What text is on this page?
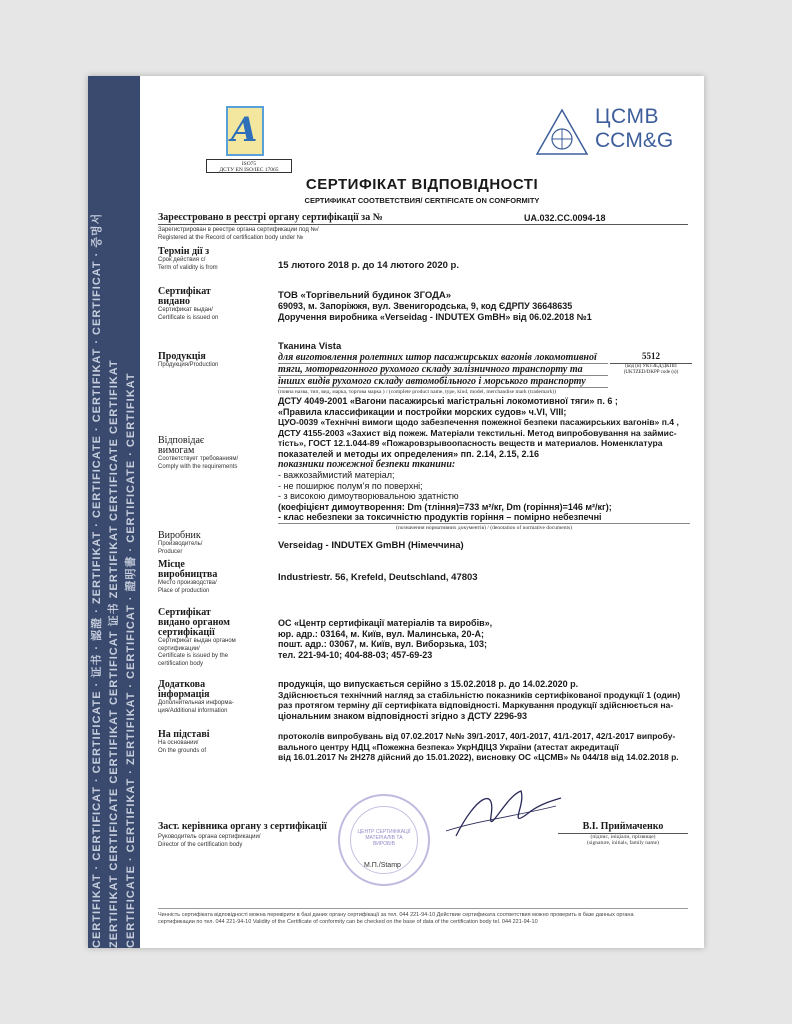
CERTIFIKAT · CERTIFICAT · CERTIFICATE · 证书 · 認證 · ZERTIFIKAT · CERTIFICATE · CERTIFIKAT · CERTIFICAT · 증명서 ZERTIFIKAT CERTIFICATE CERTIFIKAT CERTIFICAT 证书 ZERTIFIKAT CERTIFICATE CERTIFIKAT CERTIFICATE · CERTIFIKAT · ZERTIFIKAT · CERTIFICAT · 證明書 · CERTIFICATE · CERTIFIKAT
A
ISO75
ДСТУ EN ISO/IEC 17065
ЦСМВ
CCM&G
СЕРТИФІКАТ ВІДПОВІДНОСТІ
СЕРТИФИКАТ СООТВЕТСТВИЯ/ CERTIFICATE ON CONFORMITY
Зареєстровано в реєстрі органу сертифікації за №	UA.032.CC.0094-18
Зарегистрирован в реестре органа сертификации под №/
Registered at the Record of certification body under №
Термін дії з
Срок действия с/
Term of validity is from	15 лютого 2018 р. до 14 лютого 2020 р.
Сертифікат
видано
Сертификат выдан/
Certificate is issued on
ТОВ «Торгівельний будинок ЗГОДА»
69093, м. Запоріжжя, вул. Звенигородська, 9, код ЄДРПУ 36648635
Доручення виробника «Verseidag - INDUTEX GmBH» від 06.02.2018 №1
Продукція
Продукция/Production
Тканина Vista
для виготовлення ролетних штор пасажирських вагонів локомотивної
тяги, моторвагонного рухомого складу залізничного транспорту та
інших видів рухомого складу автомобільного і морського транспорту
(повна назва, тип, вид, марка, торгова марка ) / (complete product name, type, kind, model, merchandise mark (trademark))
5512
(код (и) УКТЗЕД/ДКПП (UKTZED/DKPP code (s))
Відповідає
вимогам
Соответствует требованиям/
Comply with the requirements
ДСТУ 4049-2001 «Вагони пасажирські магістральні локомотивної тяги» п. 6 ;
«Правила классификации и постройки морских судов» ч.VI, VIII;
ЦУО-0039 «Технічні вимоги щодо забезпечення пожежної безпеки пасажирських вагонів» п.4 ,
ДСТУ 4155-2003 «Захист від пожеж. Матеріали текстильні. Метод випробовування на займис-
тість», ГОСТ 12.1.044-89 «Пожаровзрывоопасность веществ и материалов. Номенклатура
показателей и методы их определения» пп. 2.14, 2.15, 2.16
показники пожежної безпеки тканини:
- важкозаймистий матеріал;
- не поширює полум’я по поверхні;
- з високою димоутворювальною здатністю
(коефіцієнт димоутворення: Dm (тління)=733 м²/кг, Dm (горіння)=146 м²/кг);
- клас небезпеки за токсичністю продуктів горіння – помірно небезпечні
(позначення нормативних документів) / (denotation of normative documents)
Виробник
Производитель/
Producer
Verseidag - INDUTEX GmBH (Німеччина)
Місце
виробництва
Место производства/
Place of production
Industriestr. 56, Krefeld, Deutschland, 47803
Сертифікат
видано органом
сертифікації
Сертификат выдан органом
сертификации/
Certificate is issued by the
certification body
ОС «Центр сертифікації матеріалів та виробів»,
юр. адр.: 03164, м. Київ, вул. Малинська, 20-А;
пошт. адр.: 03067, м. Київ, вул. Виборзька, 103;
тел. 221-94-10; 404-88-03; 457-69-23
Додаткова
інформація
Дополнительная информа-
ция/Additional information
продукція, що випускається серійно з 15.02.2018 р. до 14.02.2020 р.
Здійснюється технічний нагляд за стабільністю показників сертифікованої продукції 1 (один)
раз протягом терміну дії сертифіката відповідності. Маркування продукції здійснюється на-
ціональним знаком відповідності згідно з ДСТУ 2296-93
На підставі
На основании/
On the grounds of
протоколів випробувань від 07.02.2017 №№ 39/1-2017, 40/1-2017, 41/1-2017, 42/1-2017 випробу-
вального центру НДЦ «Пожежна безпека» УкрНДІЦЗ України (атестат акредитації
від 16.01.2017 № 2Н278 дійсний до 15.01.2022), висновку ОС «ЦСМВ» № 044/18 від 14.02.2018 р.
ЦЕНТР СЕРТИФІКАЦІЇ МАТЕРІАЛІВ ТА ВИРОБІВ
М.П./Stamp
Заст. керівника органу з сертифікації
Руководитель органа сертификации/
Director of the certification body
В.І. Приймаченко
(підпис, ініціали, прізвище)
(signature, initials, family name)
Чинність сертифіката відповідності можна перевірити в базі даних органу сертифікації за тел. 044 221-94-10 Действие сертификата соответствия можно проверить в базе данных органа
сертификации по тел. 044 221-94-10 Validity of the Certificate of conformity can be checked on the base of data of the certification body tel. 044 221-94-10
